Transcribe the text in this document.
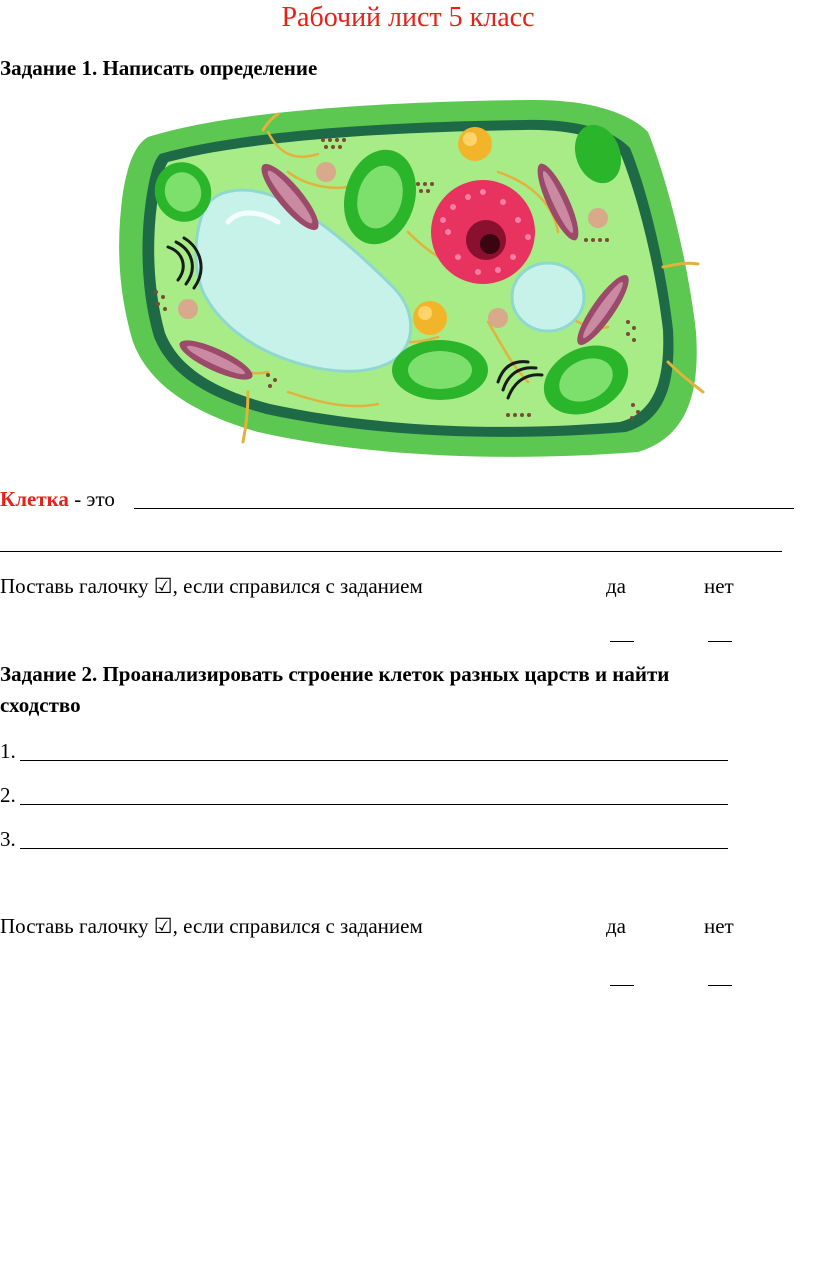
Рабочий лист 5 класс
Задание 1. Написать определение
Клетка - это
Поставь галочку ☑, если справился с заданием	да	нет
Задание 2. Проанализировать строение клеток разных царств и найти
сходство
1.
2.
3.
Поставь галочку ☑, если справился с заданием	да	нет
